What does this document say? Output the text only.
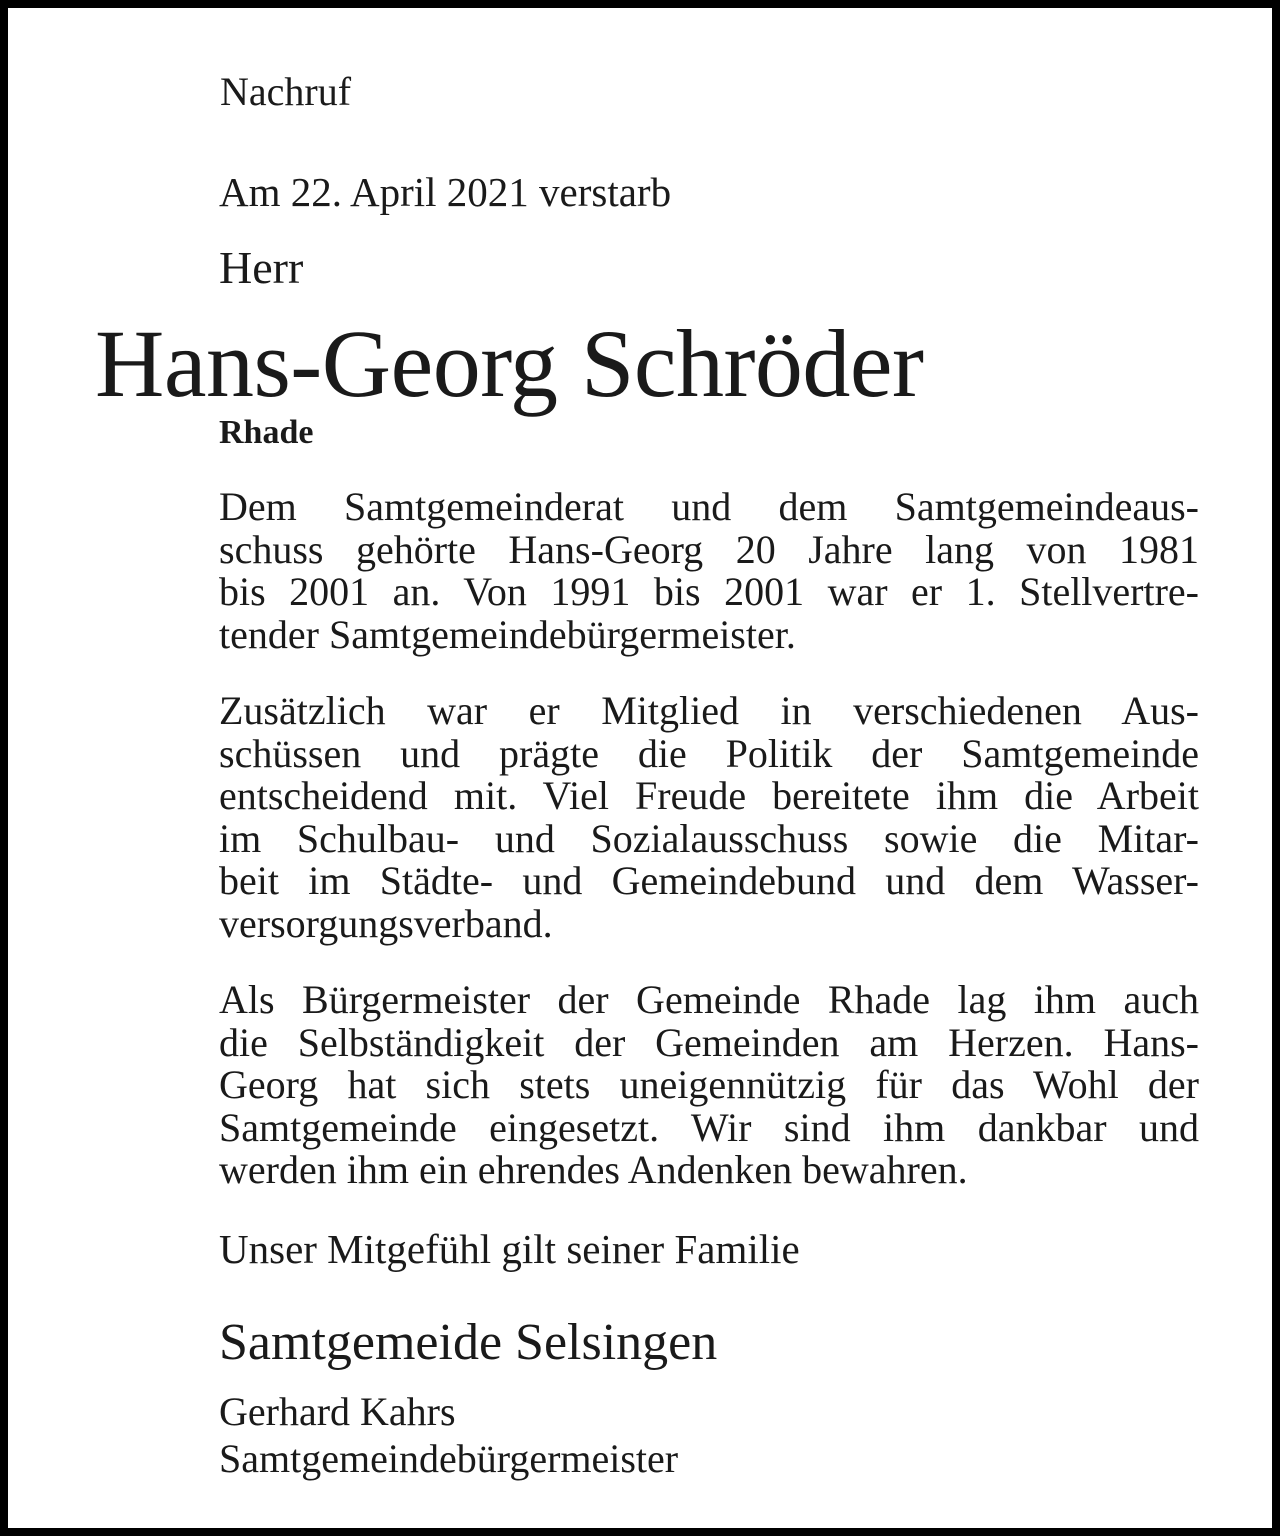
Nachruf

Am 22. April 2021 verstarb

Herr

Hans-Georg Schröder

Rhade

Dem Samtgemeinderat und dem Samtgemeindeaus-
schuss gehörte Hans-Georg 20 Jahre lang von 1981
bis 2001 an. Von 1991 bis 2001 war er 1. Stellvertre-
tender Samtgemeindebürgermeister.
Zusätzlich war er Mitglied in verschiedenen Aus-
schüssen und prägte die Politik der Samtgemeinde
entscheidend mit. Viel Freude bereitete ihm die Arbeit
im Schulbau- und Sozialausschuss sowie die Mitar-
beit im Städte- und Gemeindebund und dem Wasser-
versorgungsverband.
Als Bürgermeister der Gemeinde Rhade lag ihm auch
die Selbständigkeit der Gemeinden am Herzen. Hans-
Georg hat sich stets uneigennützig für das Wohl der
Samtgemeinde eingesetzt. Wir sind ihm dankbar und
werden ihm ein ehrendes Andenken bewahren.

Unser Mitgefühl gilt seiner Familie

Samtgemeide Selsingen

Gerhard Kahrs

Samtgemeindebürgermeister
